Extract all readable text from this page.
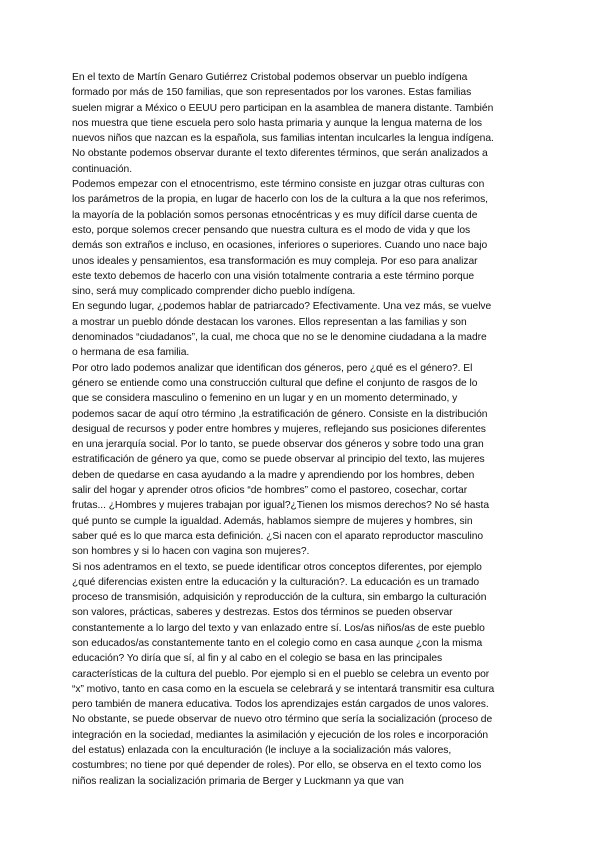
En el texto de Martín Genaro Gutiérrez Cristobal podemos observar un pueblo indígena formado por más de 150 familias, que son representados por los varones. Estas familias suelen migrar a México o EEUU pero participan en la asamblea de manera distante. También nos muestra que tiene escuela pero solo hasta primaria y aunque la lengua materna de los nuevos niños que nazcan es la española, sus familias intentan inculcarles la lengua indígena. No obstante podemos observar durante el texto diferentes términos, que serán analizados a continuación.

Podemos empezar con el etnocentrismo, este término consiste en juzgar otras culturas con los parámetros de la propia, en lugar de hacerlo con los de la cultura a la que nos referimos, la mayoría de la población somos personas etnocéntricas y es muy difícil darse cuenta de esto, porque solemos crecer pensando que nuestra cultura es el modo de vida y que los demás son extraños e incluso, en ocasiones, inferiores o superiores. Cuando uno nace bajo unos ideales y pensamientos, esa transformación es muy compleja. Por eso para analizar este texto debemos de hacerlo con una visión totalmente contraria a este término porque sino, será muy complicado comprender dicho pueblo indígena.

En segundo lugar, ¿podemos hablar de patriarcado? Efectivamente. Una vez más, se vuelve a mostrar un pueblo dónde destacan los varones. Ellos representan a las familias y son denominados “ciudadanos”, la cual, me choca que no se le denomine ciudadana a la madre o hermana de esa familia.

Por otro lado podemos analizar que identifican dos géneros, pero ¿qué es el género?. El género se entiende como una construcción cultural que define el conjunto de rasgos de lo que se considera masculino o femenino en un lugar y en un momento determinado, y podemos sacar de aquí otro término ,la estratificación de género. Consiste en la distribución desigual de recursos y poder entre hombres y mujeres, reflejando sus posiciones diferentes en una jerarquía social. Por lo tanto, se puede observar dos géneros y sobre todo una gran estratificación de género ya que, como se puede observar al principio del texto, las mujeres deben de quedarse en casa ayudando a la madre y aprendiendo por los hombres, deben salir del hogar y aprender otros oficios “de hombres” como el pastoreo, cosechar, cortar frutas... ¿Hombres y mujeres trabajan por igual?¿Tienen los mismos derechos? No sé hasta qué punto se cumple la igualdad. Además, hablamos siempre de mujeres y hombres, sin saber qué es lo que marca esta definición. ¿Si nacen con el aparato reproductor masculino son hombres y si lo hacen con vagina son mujeres?.

Si nos adentramos en el texto, se puede identificar otros conceptos diferentes, por ejemplo ¿qué diferencias existen entre la educación y la culturación?. La educación es un tramado proceso de transmisión, adquisición y reproducción de la cultura, sin embargo la culturación son valores, prácticas, saberes y destrezas. Estos dos términos se pueden observar constantemente a lo largo del texto y van enlazado entre sí. Los/as niños/as de este pueblo son educados/as constantemente tanto en el colegio como en casa aunque ¿con la misma educación? Yo diría que sí, al fin y al cabo en el colegio se basa en las principales características de la cultura del pueblo. Por ejemplo si en el pueblo se celebra un evento por “x” motivo, tanto en casa como en la escuela se celebrará y se intentará transmitir esa cultura pero también de manera educativa. Todos los aprendizajes están cargados de unos valores.

No obstante, se puede observar de nuevo otro término que sería la socialización (proceso de integración en la sociedad, mediantes la asimilación y ejecución de los roles e incorporación del estatus) enlazada con la enculturación (le incluye a la socialización más valores, costumbres; no tiene por qué depender de roles). Por ello, se observa en el texto como los niños realizan la socialización primaria de Berger y Luckmann ya que van
